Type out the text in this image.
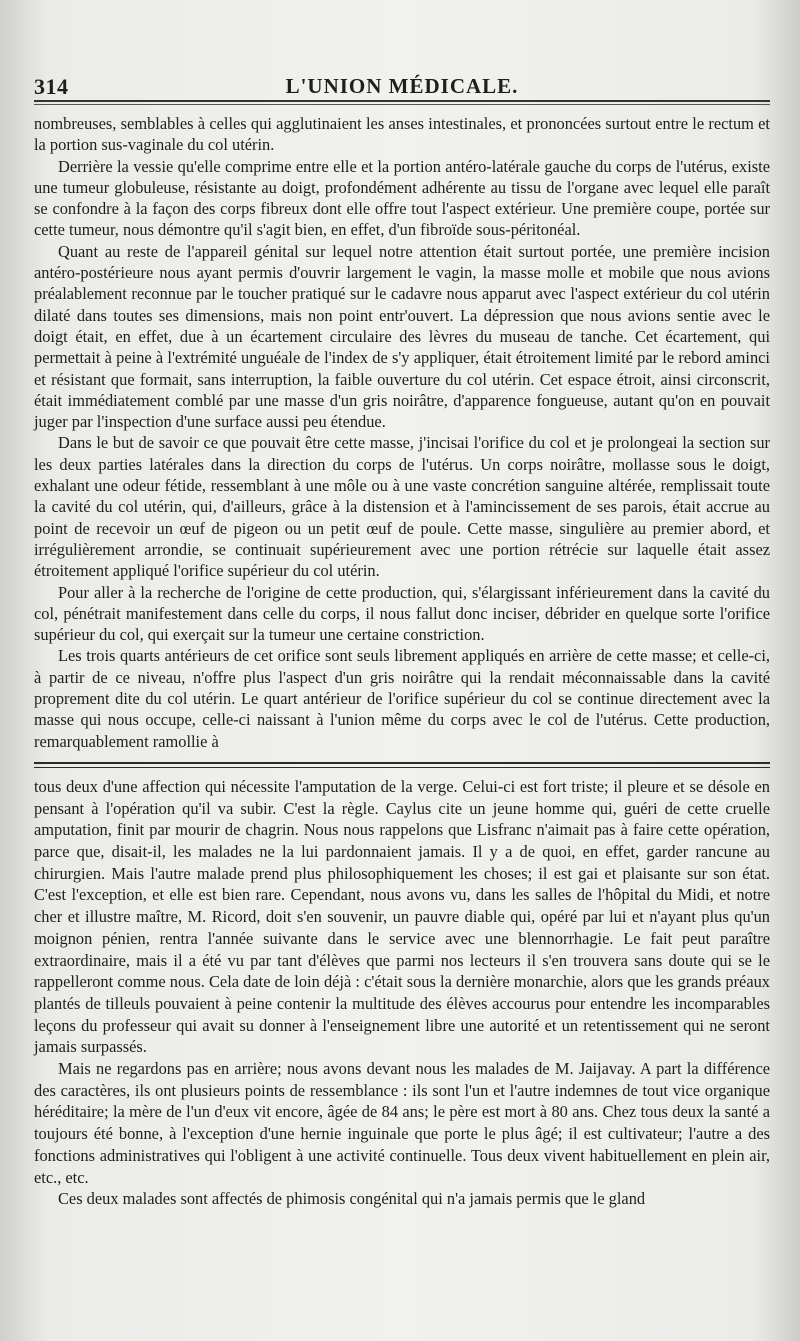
314	L'UNION MÉDICALE.

nombreuses, semblables à celles qui agglutinaient les anses intestinales, et prononcées surtout entre le rectum et la portion sus-vaginale du col utérin.

Derrière la vessie qu'elle comprime entre elle et la portion antéro-latérale gauche du corps de l'utérus, existe une tumeur globuleuse, résistante au doigt, profondément adhérente au tissu de l'organe avec lequel elle paraît se confondre à la façon des corps fibreux dont elle offre tout l'aspect extérieur. Une première coupe, portée sur cette tumeur, nous démontre qu'il s'agit bien, en effet, d'un fibroïde sous-péritonéal.

Quant au reste de l'appareil génital sur lequel notre attention était surtout portée, une première incision antéro-postérieure nous ayant permis d'ouvrir largement le vagin, la masse molle et mobile que nous avions préalablement reconnue par le toucher pratiqué sur le cadavre nous apparut avec l'aspect extérieur du col utérin dilaté dans toutes ses dimensions, mais non point entr'ouvert. La dépression que nous avions sentie avec le doigt était, en effet, due à un écartement circulaire des lèvres du museau de tanche. Cet écartement, qui permettait à peine à l'extrémité unguéale de l'index de s'y appliquer, était étroitement limité par le rebord aminci et résistant que formait, sans interruption, la faible ouverture du col utérin. Cet espace étroit, ainsi circonscrit, était immédiatement comblé par une masse d'un gris noirâtre, d'apparence fongueuse, autant qu'on en pouvait juger par l'inspection d'une surface aussi peu étendue.

Dans le but de savoir ce que pouvait être cette masse, j'incisai l'orifice du col et je prolongeai la section sur les deux parties latérales dans la direction du corps de l'utérus. Un corps noirâtre, mollasse sous le doigt, exhalant une odeur fétide, ressemblant à une môle ou à une vaste concrétion sanguine altérée, remplissait toute la cavité du col utérin, qui, d'ailleurs, grâce à la distension et à l'amincissement de ses parois, était accrue au point de recevoir un œuf de pigeon ou un petit œuf de poule. Cette masse, singulière au premier abord, et irrégulièrement arrondie, se continuait supérieurement avec une portion rétrécie sur laquelle était assez étroitement appliqué l'orifice supérieur du col utérin.

Pour aller à la recherche de l'origine de cette production, qui, s'élargissant inférieurement dans la cavité du col, pénétrait manifestement dans celle du corps, il nous fallut donc inciser, débrider en quelque sorte l'orifice supérieur du col, qui exerçait sur la tumeur une certaine constriction.

Les trois quarts antérieurs de cet orifice sont seuls librement appliqués en arrière de cette masse; et celle-ci, à partir de ce niveau, n'offre plus l'aspect d'un gris noirâtre qui la rendait méconnaissable dans la cavité proprement dite du col utérin. Le quart antérieur de l'orifice supérieur du col se continue directement avec la masse qui nous occupe, celle-ci naissant à l'union même du corps avec le col de l'utérus. Cette production, remarquablement ramollie à

tous deux d'une affection qui nécessite l'amputation de la verge. Celui-ci est fort triste; il pleure et se désole en pensant à l'opération qu'il va subir. C'est la règle. Caylus cite un jeune homme qui, guéri de cette cruelle amputation, finit par mourir de chagrin. Nous nous rappelons que Lisfranc n'aimait pas à faire cette opération, parce que, disait-il, les malades ne la lui pardonnaient jamais. Il y a de quoi, en effet, garder rancune au chirurgien. Mais l'autre malade prend plus philosophiquement les choses; il est gai et plaisante sur son état. C'est l'exception, et elle est bien rare. Cependant, nous avons vu, dans les salles de l'hôpital du Midi, et notre cher et illustre maître, M. Ricord, doit s'en souvenir, un pauvre diable qui, opéré par lui et n'ayant plus qu'un moignon pénien, rentra l'année suivante dans le service avec une blennorrhagie. Le fait peut paraître extraordinaire, mais il a été vu par tant d'élèves que parmi nos lecteurs il s'en trouvera sans doute qui se le rappelleront comme nous. Cela date de loin déjà : c'était sous la dernière monarchie, alors que les grands préaux plantés de tilleuls pouvaient à peine contenir la multitude des élèves accourus pour entendre les incomparables leçons du professeur qui avait su donner à l'enseignement libre une autorité et un retentissement qui ne seront jamais surpassés.

Mais ne regardons pas en arrière; nous avons devant nous les malades de M. Jaijavay. A part la différence des caractères, ils ont plusieurs points de ressemblance : ils sont l'un et l'autre indemnes de tout vice organique héréditaire; la mère de l'un d'eux vit encore, âgée de 84 ans; le père est mort à 80 ans. Chez tous deux la santé a toujours été bonne, à l'exception d'une hernie inguinale que porte le plus âgé; il est cultivateur; l'autre a des fonctions administratives qui l'obligent à une activité continuelle. Tous deux vivent habituellement en plein air, etc., etc.

Ces deux malades sont affectés de phimosis congénital qui n'a jamais permis que le gland
